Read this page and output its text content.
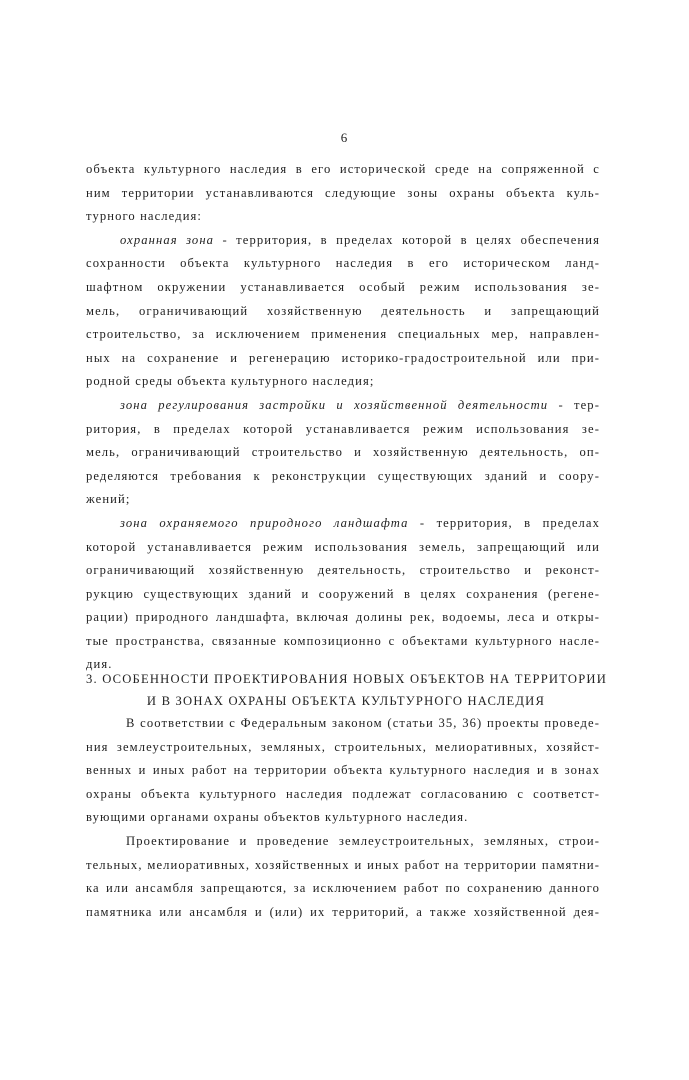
6
объекта культурного наследия в его исторической среде на сопряженной с
ним территории устанавливаются следующие зоны охраны объекта куль-
турного наследия:
охранная зона - территория, в пределах которой в целях обеспечения
сохранности объекта культурного наследия в его историческом ланд-
шафтном окружении устанавливается особый режим использования зе-
мель, ограничивающий хозяйственную деятельность и запрещающий
строительство, за исключением применения специальных мер, направлен-
ных на сохранение и регенерацию историко-градостроительной или при-
родной среды объекта культурного наследия;
зона регулирования застройки и хозяйственной деятельности - тер-
ритория, в пределах которой устанавливается режим использования зе-
мель, ограничивающий строительство и хозяйственную деятельность, оп-
ределяются требования к реконструкции существующих зданий и соору-
жений;
зона охраняемого природного ландшафта - территория, в пределах
которой устанавливается режим использования земель, запрещающий или
ограничивающий хозяйственную деятельность, строительство и реконст-
рукцию существующих зданий и сооружений в целях сохранения (регене-
рации) природного ландшафта, включая долины рек, водоемы, леса и откры-
тые пространства, связанные композиционно с объектами культурного насле-
дия.
3. ОСОБЕННОСТИ ПРОЕКТИРОВАНИЯ НОВЫХ ОБЪЕКТОВ НА ТЕРРИТОРИИ
И В ЗОНАХ ОХРАНЫ ОБЪЕКТА КУЛЬТУРНОГО НАСЛЕДИЯ
В соответствии с Федеральным законом (статьи 35, 36) проекты проведе-
ния землеустроительных, земляных, строительных, мелиоративных, хозяйст-
венных и иных работ на территории объекта культурного наследия и в зонах
охраны объекта культурного наследия подлежат согласованию с соответст-
вующими органами охраны объектов культурного наследия.
Проектирование и проведение землеустроительных, земляных, строи-
тельных, мелиоративных, хозяйственных и иных работ на территории памятни-
ка или ансамбля запрещаются, за исключением работ по сохранению данного
памятника или ансамбля и (или) их территорий, а также хозяйственной дея-
